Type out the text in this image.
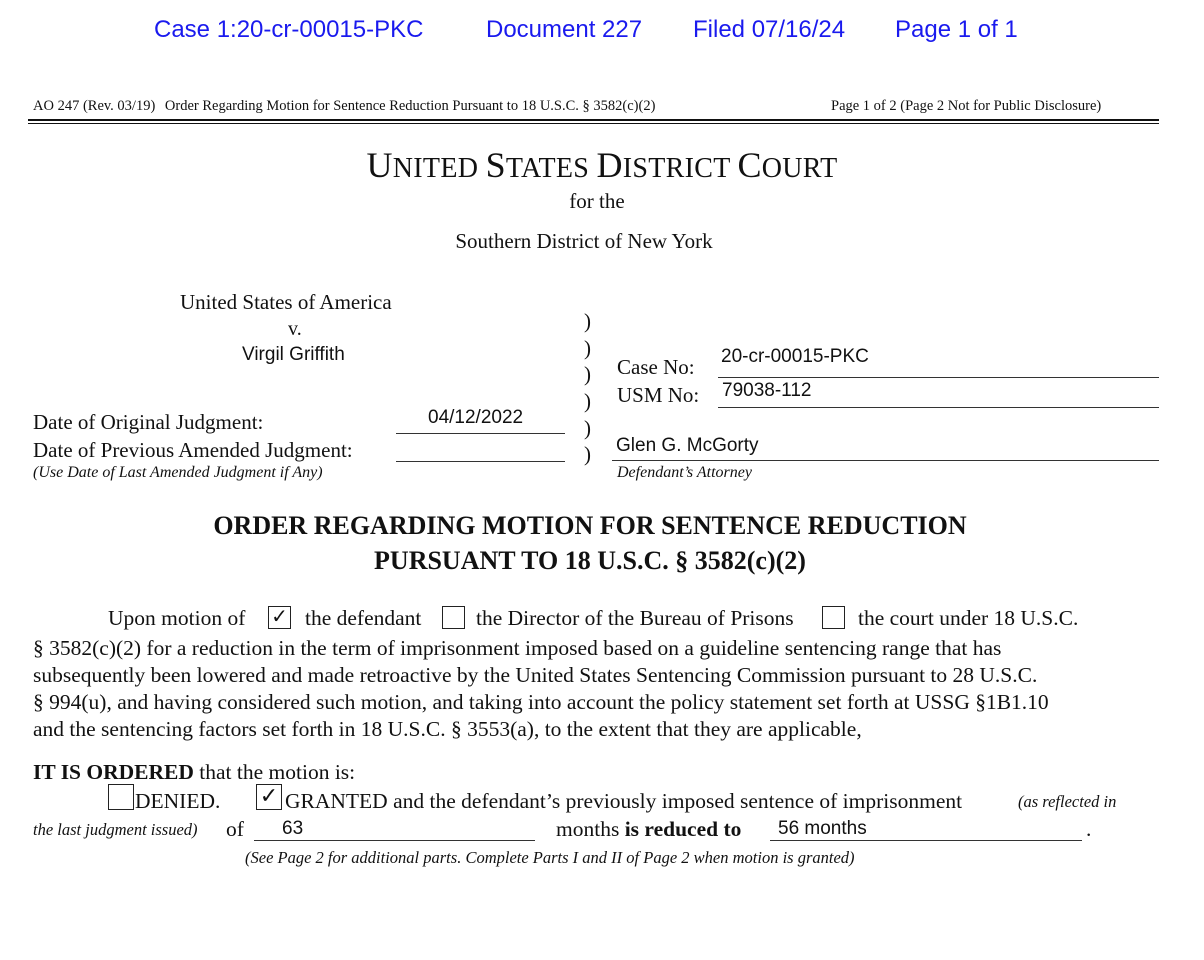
Case 1:20-cr-00015-PKC	Document 227 Filed 07/16/24 Page 1 of 1
AO 247 (Rev. 03/19) Order Regarding Motion for Sentence Reduction Pursuant to 18 U.S.C. § 3582(c)(2)	Page 1 of 2 (Page 2 Not for Public Disclosure)
UNITED STATES DISTRICT COURT
for the
Southern District of New York
United States of America
v.
Virgil Griffith
Date of Original Judgment:	04/12/2022
Date of Previous Amended Judgment:
(Use Date of Last Amended Judgment if Any)
)
)
)
)
)
)
Case No: 20-cr-00015-PKC
USM No: 79038-112
Glen G. McGorty
Defendant’s Attorney
ORDER REGARDING MOTION FOR SENTENCE REDUCTION
PURSUANT TO 18 U.S.C. § 3582(c)(2)
Upon motion of ✓ the defendant	the Director of the Bureau of Prisons	the court under 18 U.S.C.
§ 3582(c)(2) for a reduction in the term of imprisonment imposed based on a guideline sentencing range that has
subsequently been lowered and made retroactive by the United States Sentencing Commission pursuant to 28 U.S.C.
§ 994(u), and having considered such motion, and taking into account the policy statement set forth at USSG §1B1.10
and the sentencing factors set forth in 18 U.S.C. § 3553(a), to the extent that they are applicable,
IT IS ORDERED that the motion is:
DENIED. ✓ GRANTED and the defendant’s previously imposed sentence of imprisonment	(as reflected in
the last judgment issued) of 63	months is reduced to 56 months	.
(See Page 2 for additional parts. Complete Parts I and II of Page 2 when motion is granted)
